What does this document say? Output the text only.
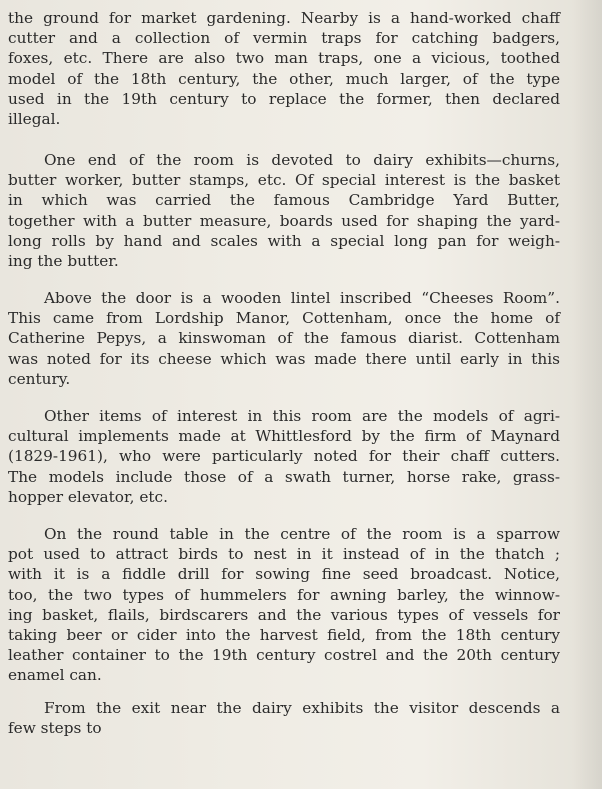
the ground for market gardening. Nearby is a hand-worked chaff
cutter and a collection of vermin traps for catching badgers,
foxes, etc. There are also two man traps, one a vicious, toothed
model of the 18th century, the other, much larger, of the type
used in the 19th century to replace the former, then declared
illegal.
One end of the room is devoted to dairy exhibits—churns,
butter worker, butter stamps, etc. Of special interest is the basket
in which was carried the famous Cambridge Yard Butter,
together with a butter measure, boards used for shaping the yard-
long rolls by hand and scales with a special long pan for weigh-
ing the butter.
Above the door is a wooden lintel inscribed “Cheeses Room”.
This came from Lordship Manor, Cottenham, once the home of
Catherine Pepys, a kinswoman of the famous diarist. Cottenham
was noted for its cheese which was made there until early in this
century.
Other items of interest in this room are the models of agri-
cultural implements made at Whittlesford by the firm of Maynard
(1829-1961), who were particularly noted for their chaff cutters.
The models include those of a swath turner, horse rake, grass-
hopper elevator, etc.
On the round table in the centre of the room is a sparrow
pot used to attract birds to nest in it instead of in the thatch ;
with it is a fiddle drill for sowing fine seed broadcast. Notice,
too, the two types of hummelers for awning barley, the winnow-
ing basket, flails, birdscarers and the various types of vessels for
taking beer or cider into the harvest field, from the 18th century
leather container to the 19th century costrel and the 20th century
enamel can.
From the exit near the dairy exhibits the visitor descends a
few steps to
